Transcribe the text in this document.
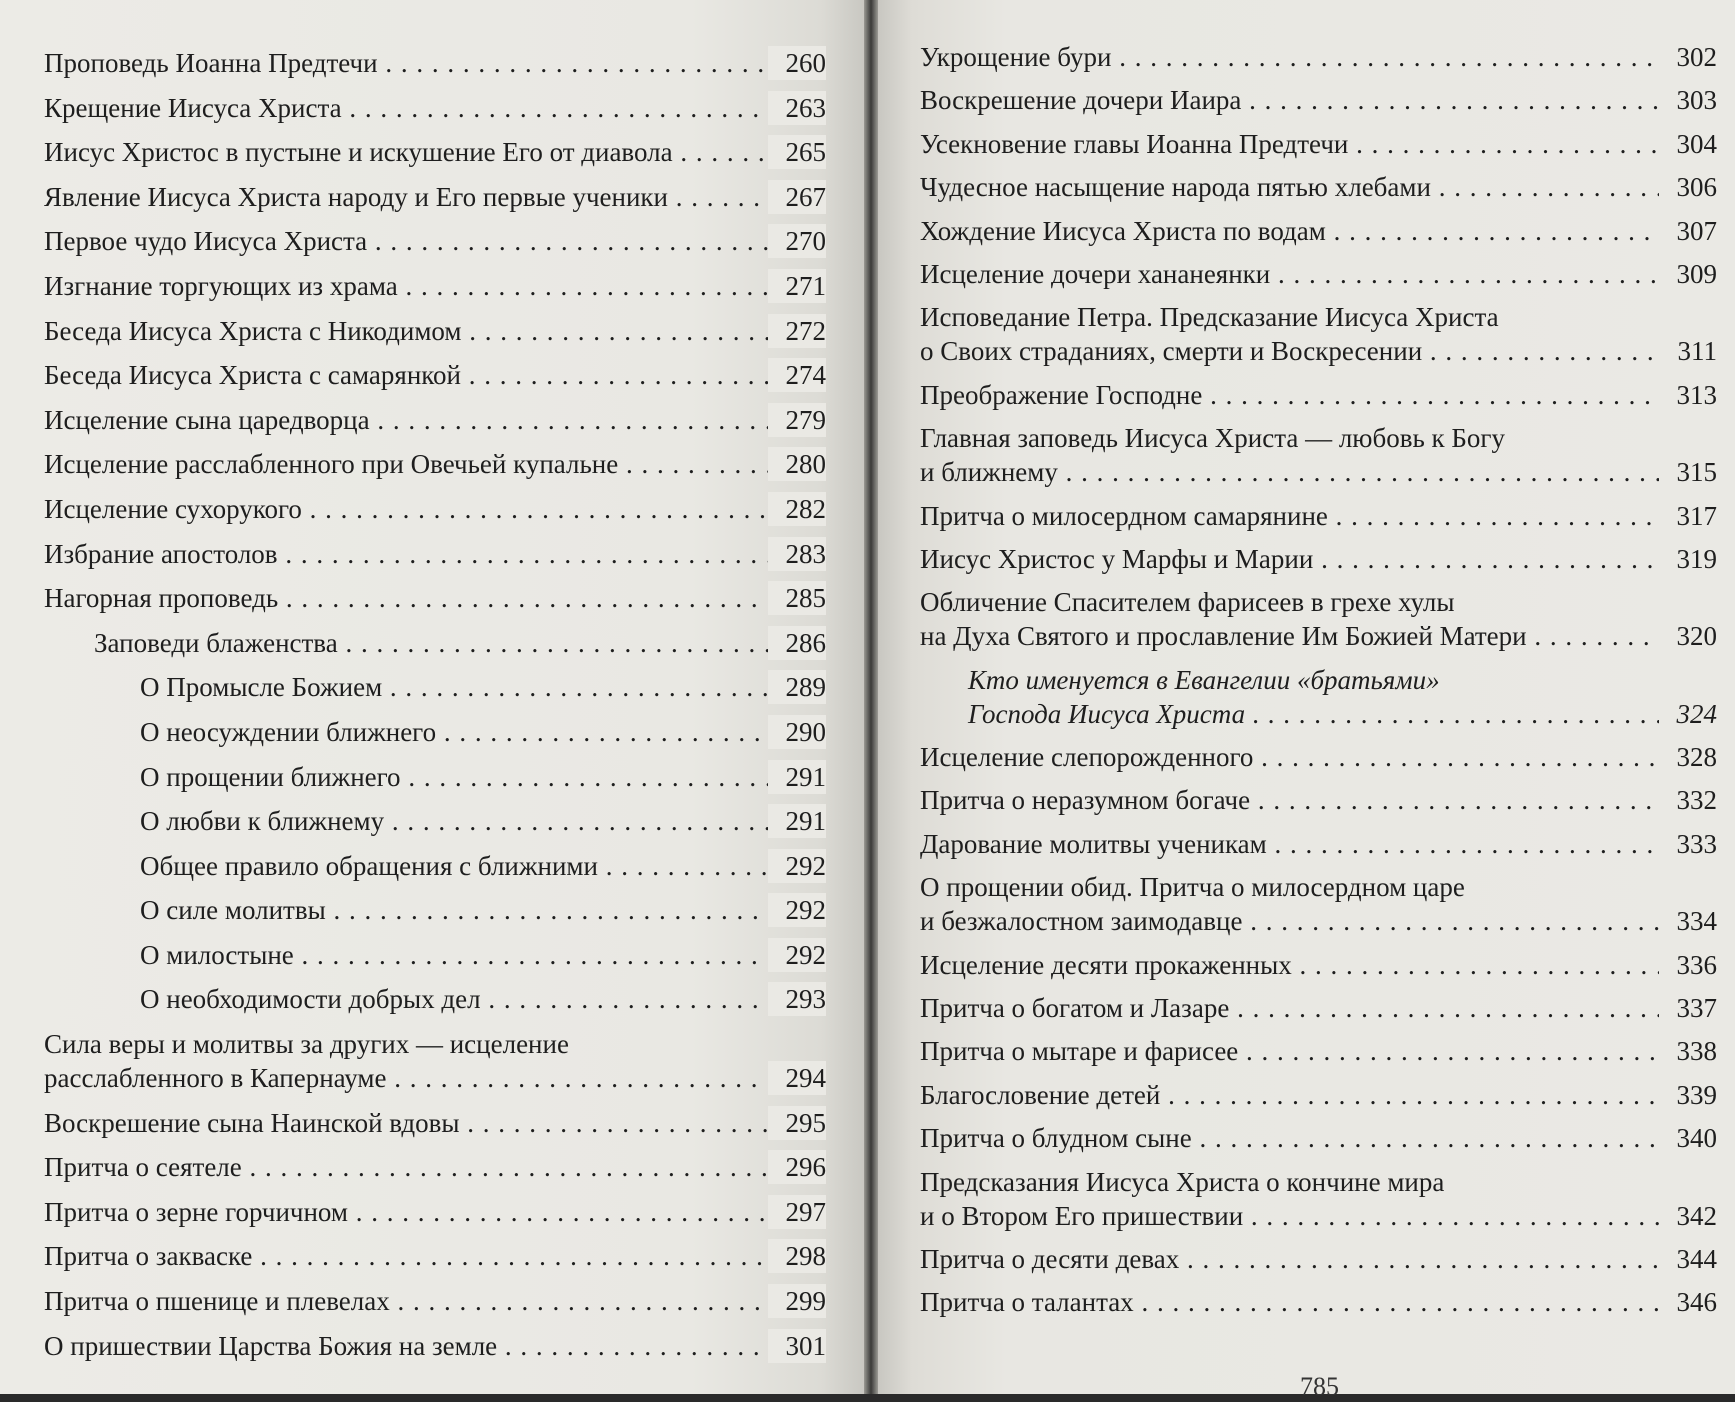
Проповедь Иоанна Предтечи . . .	260
Крещение Иисуса Христа . . .	263
Иисус Христос в пустыне и искушение Его от диавола . . .	265
Явление Иисуса Христа народу и Его первые ученики . . .	267
Первое чудо Иисуса Христа . . .	270
Изгнание торгующих из храма . . .	271
Беседа Иисуса Христа с Никодимом . . .	272
Беседа Иисуса Христа с самарянкой . . .	274
Исцеление сына царедворца . . .	279
Исцеление расслабленного при Овечьей купальне . . .	280
Исцеление сухорукого . . .	282
Избрание апостолов . . .	283
Нагорная проповедь . . .	285
Заповеди блаженства . . .	286
О Промысле Божием . . .	289
О неосуждении ближнего . . .	290
О прощении ближнего . . .	291
О любви к ближнему . . .	291
Общее правило обращения с ближними . . .	292
О силе молитвы . . .	292
О милостыне . . .	292
О необходимости добрых дел . . .	293
Сила веры и молитвы за других — исцеление
расслабленного в Капернауме . . .	294
Воскрешение сына Наинской вдовы . . .	295
Притча о сеятеле . . .	296
Притча о зерне горчичном . . .	297
Притча о закваске . . .	298
Притча о пшенице и плевелах . . .	299
О пришествии Царства Божия на земле . . .	301
Укрощение бури . . .	302
Воскрешение дочери Иаира . . .	303
Усекновение главы Иоанна Предтечи . . .	304
Чудесное насыщение народа пятью хлебами . . .	306
Хождение Иисуса Христа по водам . . .	307
Исцеление дочери хананеянки . . .	309
Исповедание Петра. Предсказание Иисуса Христа
о Своих страданиях, смерти и Воскресении . . .	311
Преображение Господне . . .	313
Главная заповедь Иисуса Христа — любовь к Богу
и ближнему . . .	315
Притча о милосердном самарянине . . .	317
Иисус Христос у Марфы и Марии . . .	319
Обличение Спасителем фарисеев в грехе хулы
на Духа Святого и прославление Им Божией Матери . . .	320
Кто именуется в Евангелии «братьями»
Господа Иисуса Христа . . .	324
Исцеление слепорожденного . . .	328
Притча о неразумном богаче . . .	332
Дарование молитвы ученикам . . .	333
О прощении обид. Притча о милосердном царе
и безжалостном заимодавце . . .	334
Исцеление десяти прокаженных . . .	336
Притча о богатом и Лазаре . . .	337
Притча о мытаре и фарисее . . .	338
Благословение детей . . .	339
Притча о блудном сыне . . .	340
Предсказания Иисуса Христа о кончине мира
и о Втором Его пришествии . . .	342
Притча о десяти девах . . .	344
Притча о талантах . . .	346
785
